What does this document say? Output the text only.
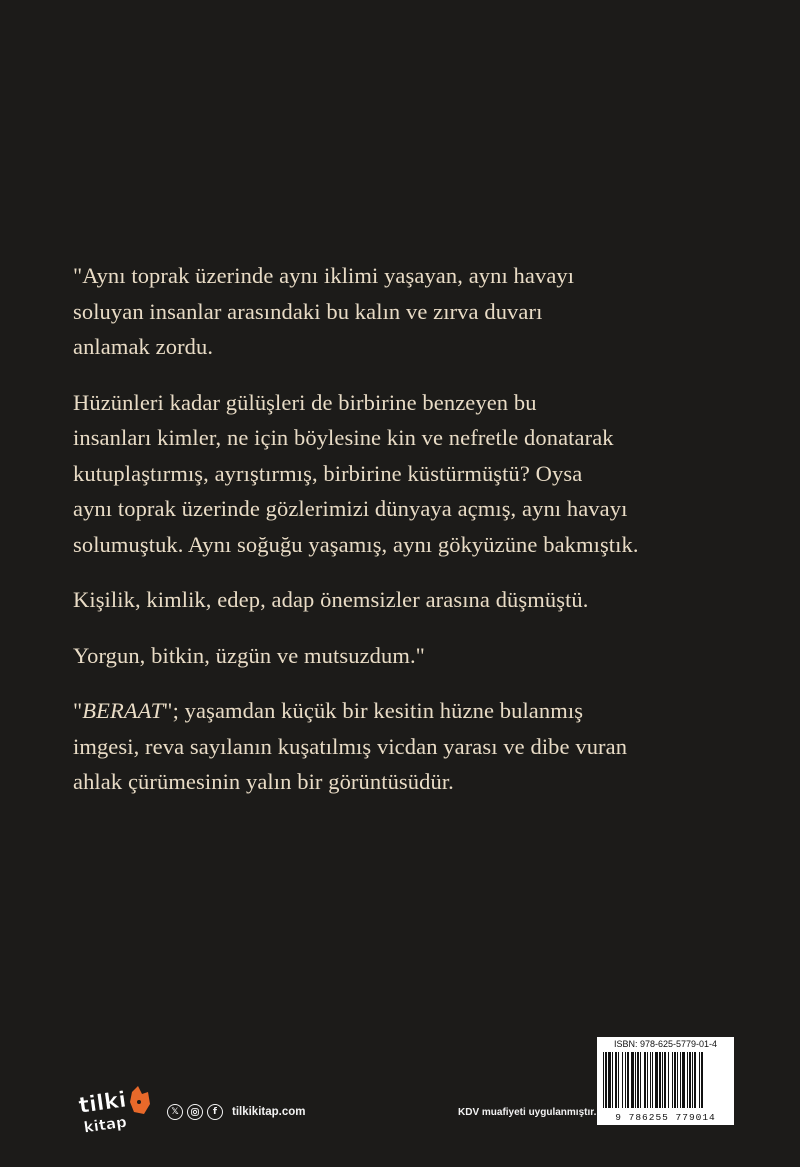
"Aynı toprak üzerinde aynı iklimi yaşayan, aynı havayı
soluyan insanlar arasındaki bu kalın ve zırva duvarı
anlamak zordu.

Hüzünleri kadar gülüşleri de birbirine benzeyen bu
insanları kimler, ne için böylesine kin ve nefretle donatarak
kutuplaştırmış, ayrıştırmış, birbirine küstürmüştü? Oysa
aynı toprak üzerinde gözlerimizi dünyaya açmış, aynı havayı
solumuştuk. Aynı soğuğu yaşamış, aynı gökyüzüne bakmıştık.

Kişilik, kimlik, edep, adap önemsizler arasına düşmüştü.

Yorgun, bitkin, üzgün ve mutsuzdum."

"BERAAT"; yaşamdan küçük bir kesitin hüzne bulanmış
imgesi, reva sayılanın kuşatılmış vicdan yarası ve dibe vuran
ahlak çürümesinin yalın bir görüntüsüdür.

tilki
kitap
𝕏	f	tilkikitap.com	KDV muafiyeti uygulanmıştır.
ISBN: 978-625-5779-01-4
9 786255 779014
